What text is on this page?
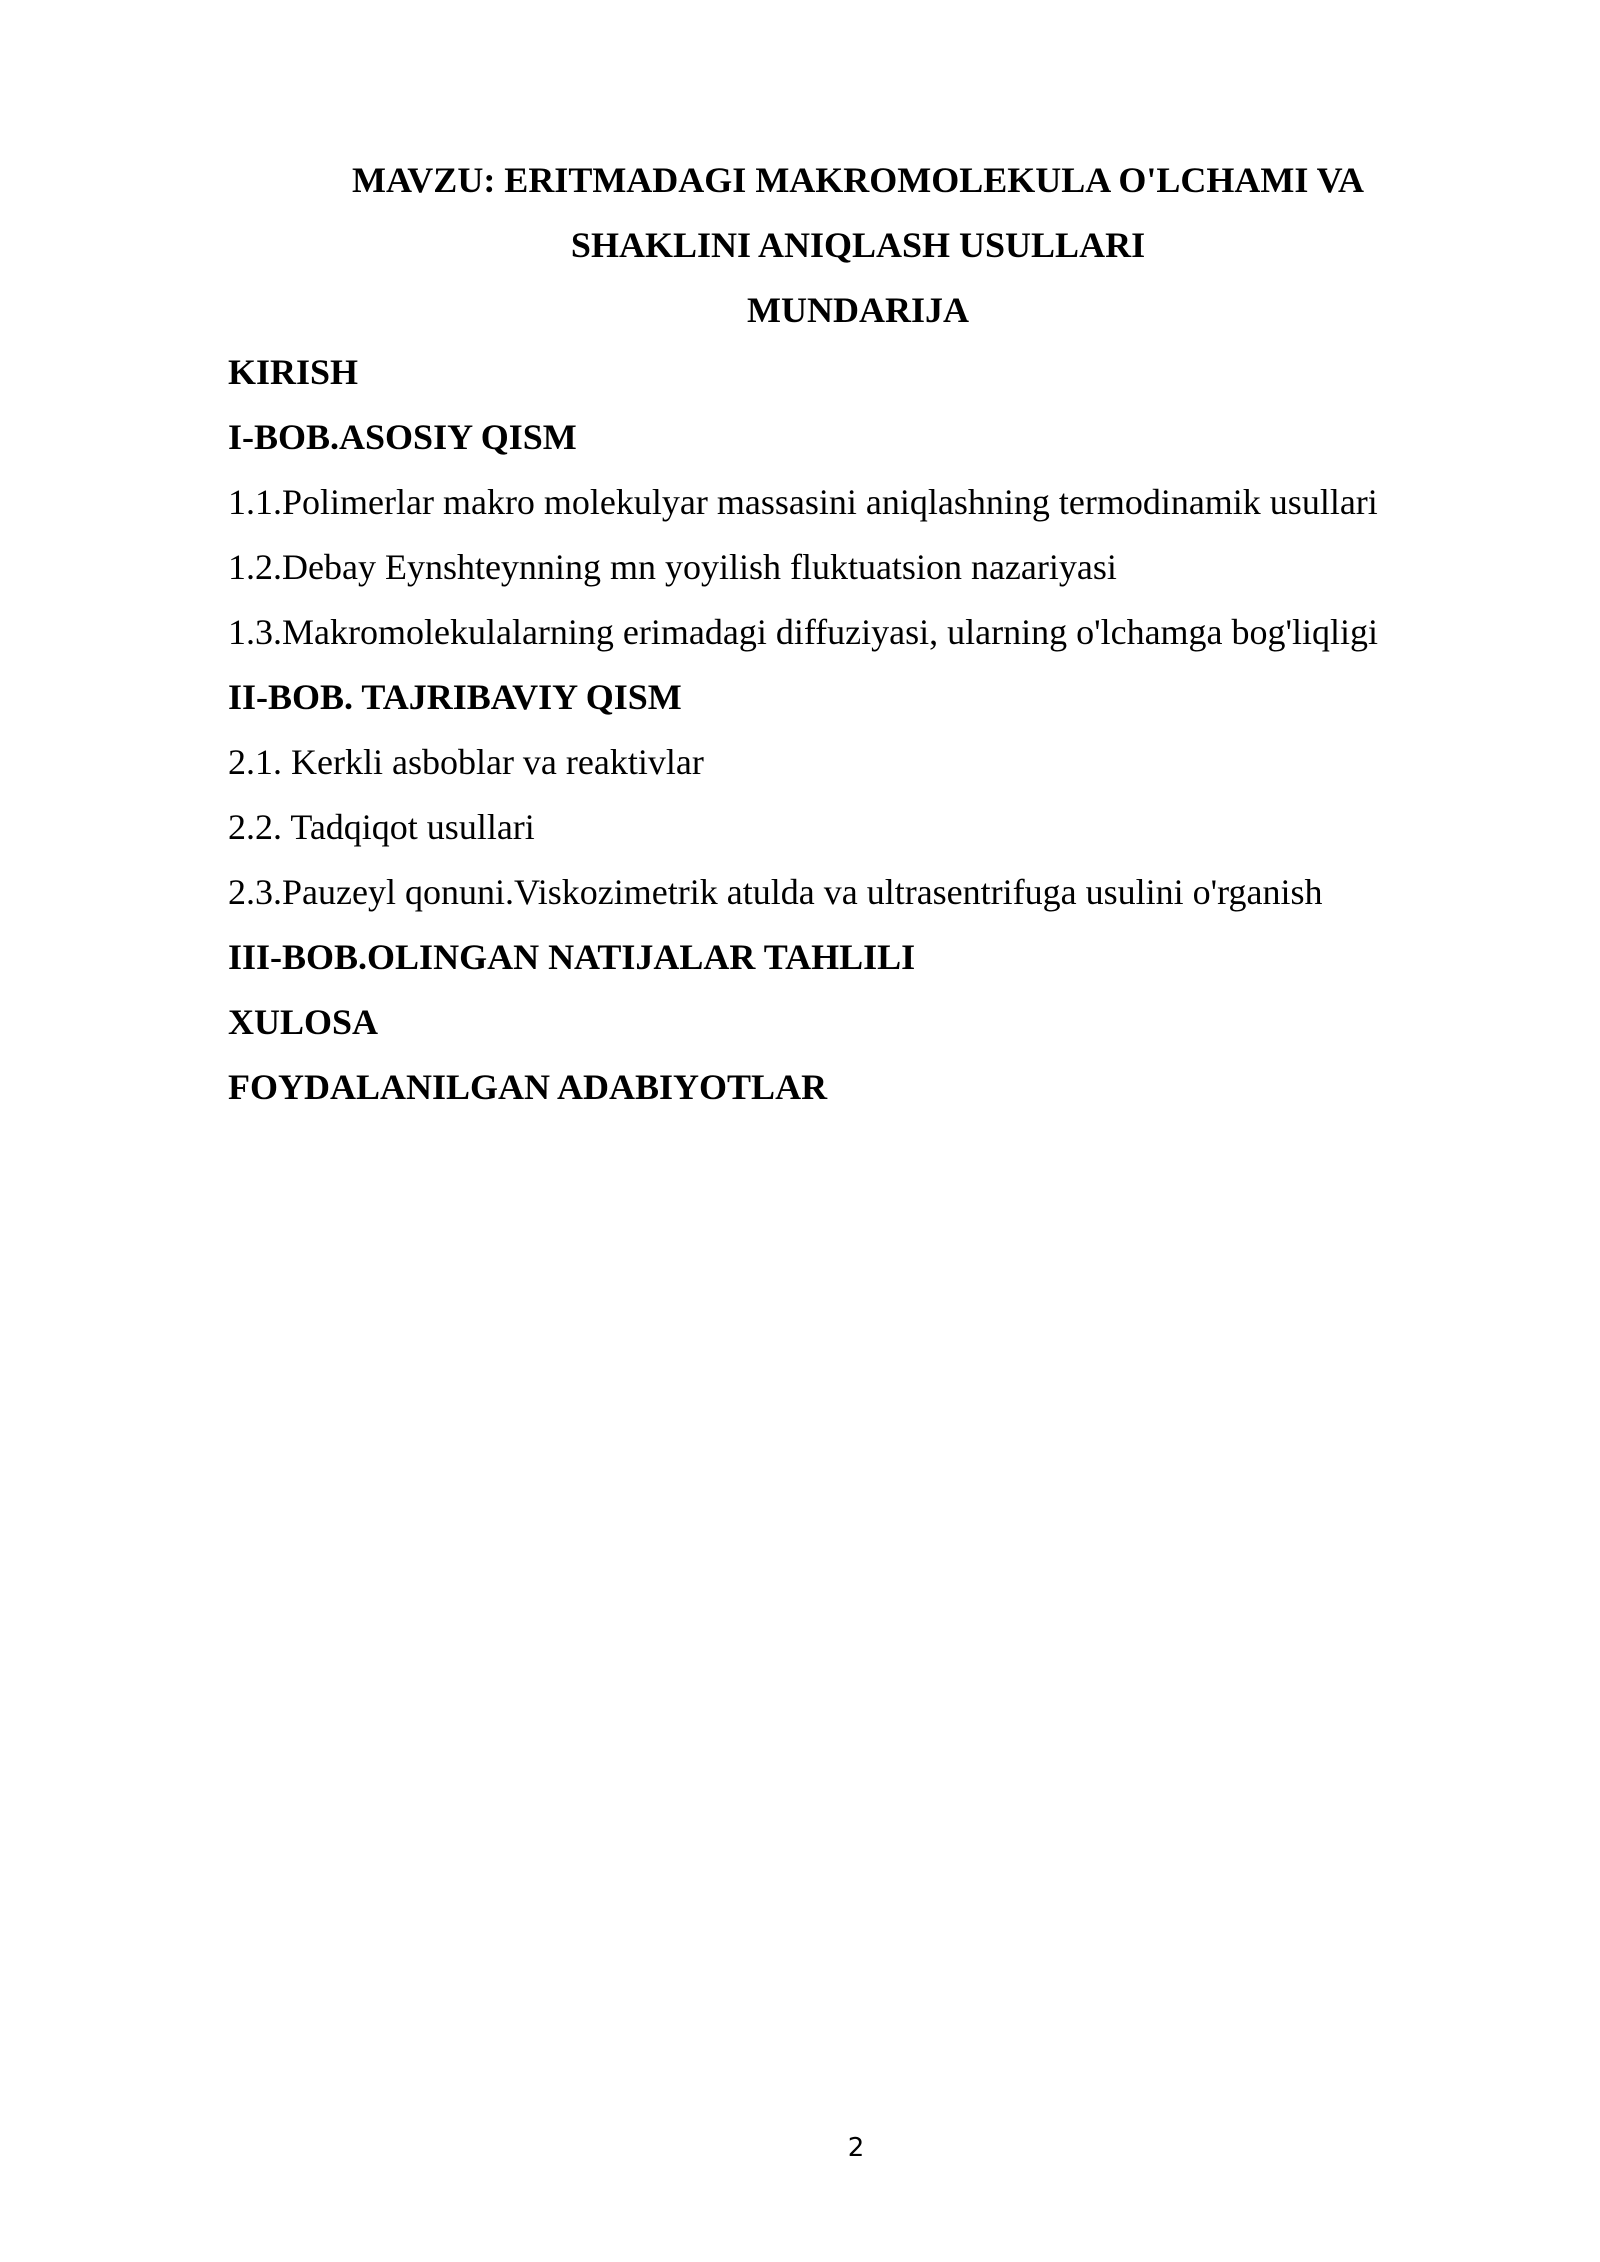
MAVZU: ERITMADAGI MAKROMOLEKULA O'LCHAMI VA
SHAKLINI ANIQLASH USULLARI
MUNDARIJA
KIRISH
I-BOB.ASOSIY QISM
1.1.Polimerlar makro molekulyar massasini aniqlashning termodinamik usullari
1.2.Debay Eynshteynning mn yoyilish fluktuatsion nazariyasi
1.3.Makromolekulalarning erimadagi diffuziyasi, ularning o'lchamga bog'liqligi
II-BOB. TAJRIBAVIY QISM
2.1. Kerkli asboblar va reaktivlar
2.2. Tadqiqot usullari
2.3.Pauzeyl qonuni.Viskozimetrik atulda va ultrasentrifuga usulini o'rganish
III-BOB.OLINGAN NATIJALAR TAHLILI
XULOSA
FOYDALANILGAN ADABIYOTLAR
2
